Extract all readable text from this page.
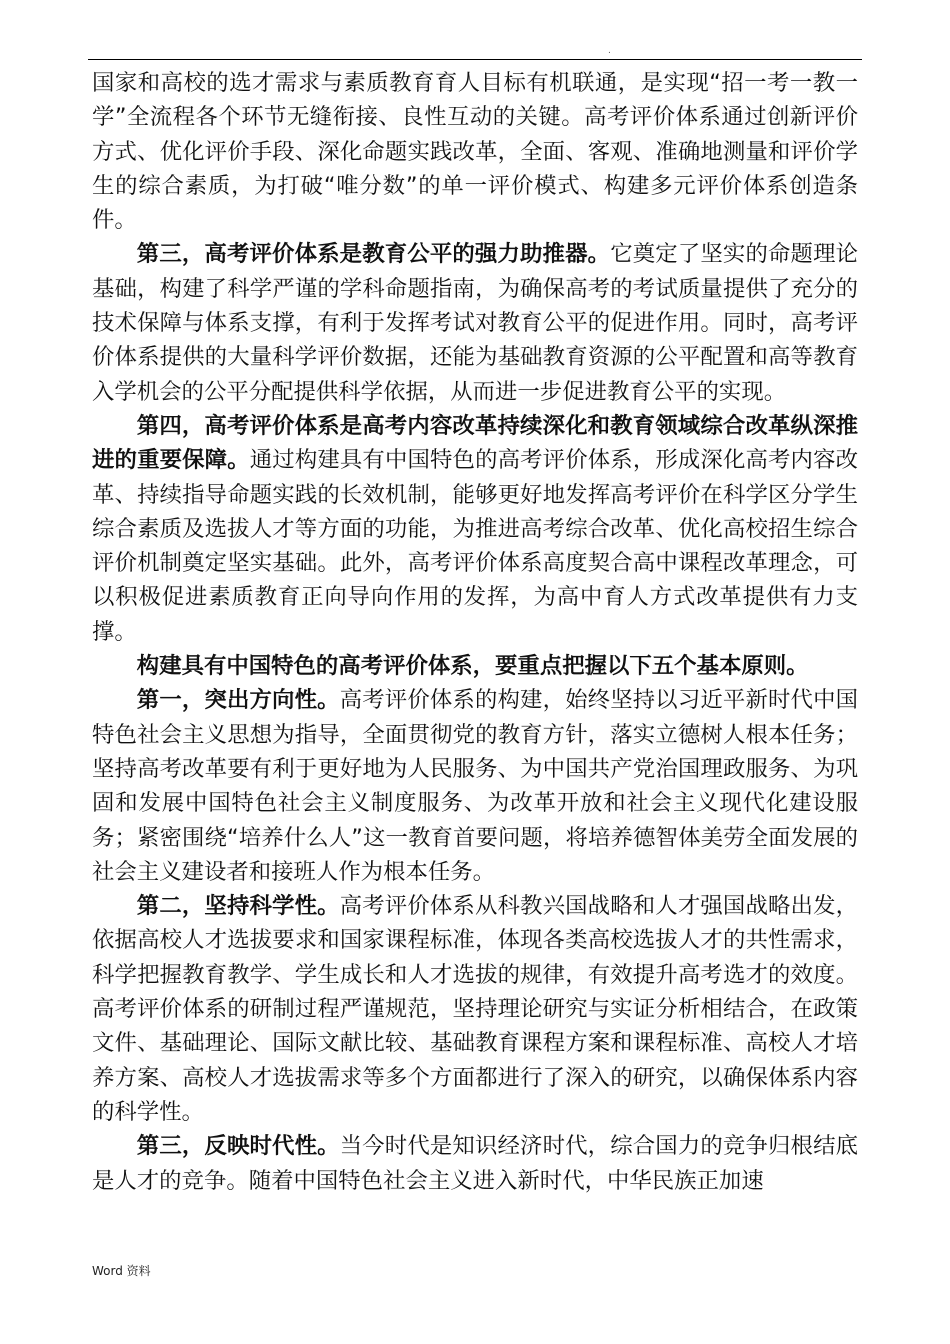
.

国家和高校的选才需求与素质教育育人目标有机联通，是实现“招一考一教一学”全流程各个环节无缝衔接、良性互动的关键。高考评价体系通过创新评价方式、优化评价手段、深化命题实践改革，全面、客观、准确地测量和评价学生的综合素质，为打破“唯分数”的单一评价模式、构建多元评价体系创造条件。

第三，高考评价体系是教育公平的强力助推器。它奠定了坚实的命题理论基础，构建了科学严谨的学科命题指南，为确保高考的考试质量提供了充分的技术保障与体系支撑，有利于发挥考试对教育公平的促进作用。同时，高考评价体系提供的大量科学评价数据，还能为基础教育资源的公平配置和高等教育入学机会的公平分配提供科学依据，从而进一步促进教育公平的实现。

第四，高考评价体系是高考内容改革持续深化和教育领域综合改革纵深推进的重要保障。通过构建具有中国特色的高考评价体系，形成深化高考内容改革、持续指导命题实践的长效机制，能够更好地发挥高考评价在科学区分学生综合素质及选拔人才等方面的功能，为推进高考综合改革、优化高校招生综合评价机制奠定坚实基础。此外，高考评价体系高度契合高中课程改革理念，可以积极促进素质教育正向导向作用的发挥，为高中育人方式改革提供有力支撑。

构建具有中国特色的高考评价体系，要重点把握以下五个基本原则。

第一，突出方向性。高考评价体系的构建，始终坚持以习近平新时代中国特色社会主义思想为指导，全面贯彻党的教育方针，落实立德树人根本任务；坚持高考改革要有利于更好地为人民服务、为中国共产党治国理政服务、为巩固和发展中国特色社会主义制度服务、为改革开放和社会主义现代化建设服务；紧密围绕“培养什么人”这一教育首要问题，将培养德智体美劳全面发展的社会主义建设者和接班人作为根本任务。

第二，坚持科学性。高考评价体系从科教兴国战略和人才强国战略出发，依据高校人才选拔要求和国家课程标准，体现各类高校选拔人才的共性需求，科学把握教育教学、学生成长和人才选拔的规律，有效提升高考选才的效度。高考评价体系的研制过程严谨规范，坚持理论研究与实证分析相结合，在政策文件、基础理论、国际文献比较、基础教育课程方案和课程标准、高校人才培养方案、高校人才选拔需求等多个方面都进行了深入的研究，以确保体系内容的科学性。

第三，反映时代性。当今时代是知识经济时代，综合国力的竞争归根结底是人才的竞争。随着中国特色社会主义进入新时代，中华民族正加速

Word 资料
